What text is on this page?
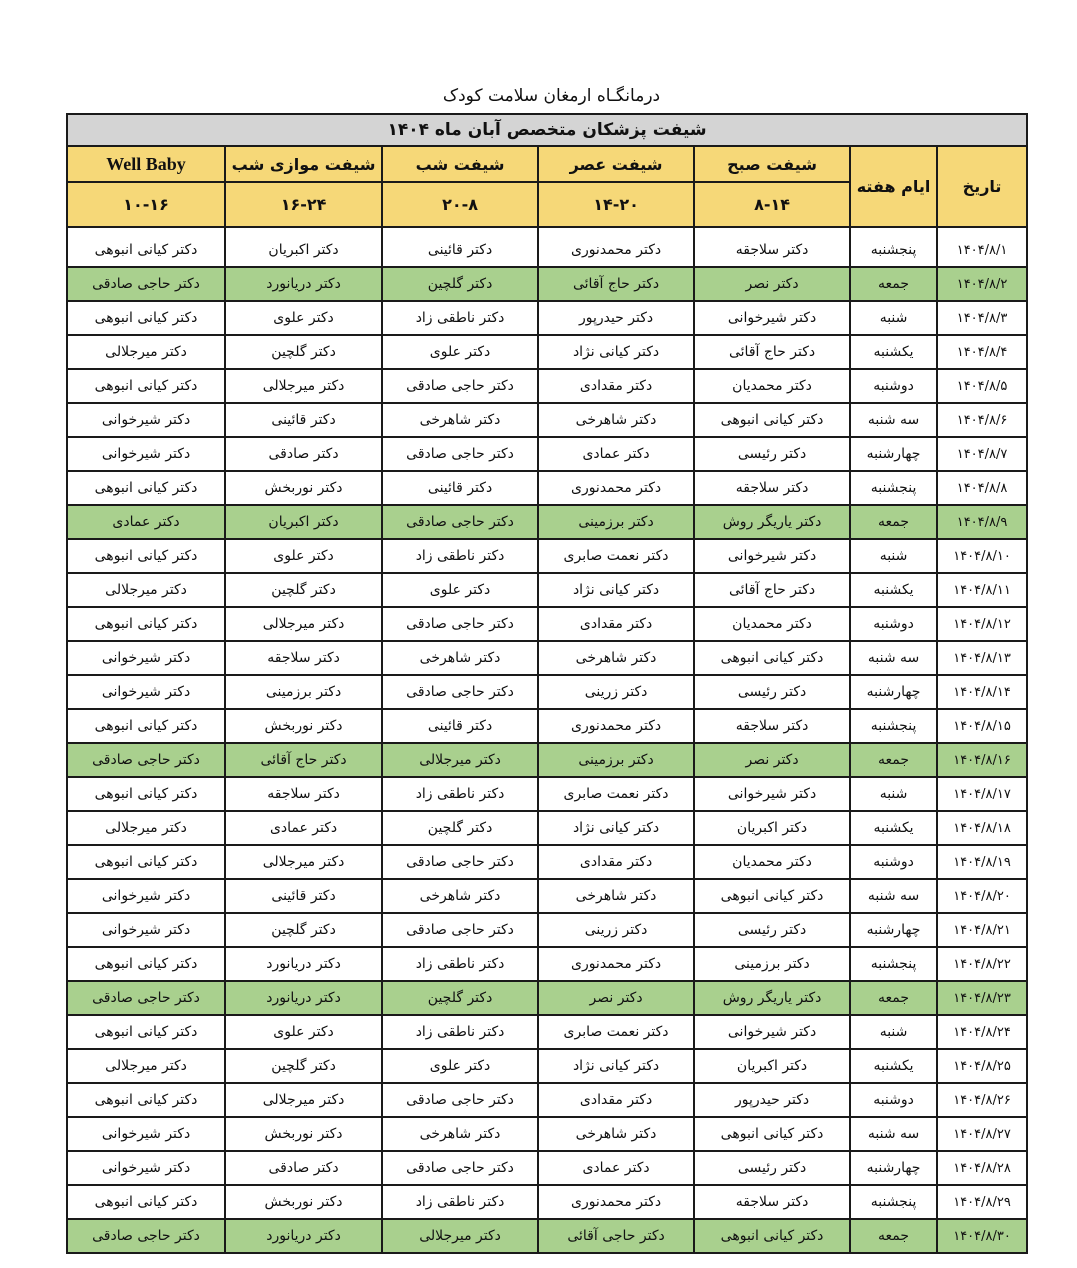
درمانگـاه ارمغان سلامت کودک
شیفت پزشکان متخصص آبان ماه ۱۴۰۴						
تاریخ	ایام هفته	شیفت صبح	شیفت عصر	شیفت شب	شیفت موازی شب	Well Baby
		۸-۱۴	۱۴-۲۰	۲۰-۸	۱۶-۲۴	۱۰-۱۶
۱۴۰۴/۸/۱	پنجشنبه	دکتر سلاجقه	دکتر محمدنوری	دکتر قائینی	دکتر اکبریان	دکتر کیانی انبوهی
۱۴۰۴/۸/۲	جمعه	دکتر نصر	دکتر حاج آقائی	دکتر گلچین	دکتر دریانورد	دکتر حاجی صادقی
۱۴۰۴/۸/۳	شنبه	دکتر شیرخوانی	دکتر حیدرپور	دکتر ناطقی زاد	دکتر علوی	دکتر کیانی انبوهی
۱۴۰۴/۸/۴	یکشنبه	دکتر حاج آقائی	دکتر کیانی نژاد	دکتر علوی	دکتر گلچین	دکتر میرجلالی
۱۴۰۴/۸/۵	دوشنبه	دکتر محمدیان	دکتر مقدادی	دکتر حاجی صادقی	دکتر میرجلالی	دکتر کیانی انبوهی
۱۴۰۴/۸/۶	سه شنبه	دکتر کیانی انبوهی	دکتر شاهرخی	دکتر شاهرخی	دکتر قائینی	دکتر شیرخوانی
۱۴۰۴/۸/۷	چهارشنبه	دکتر رئیسی	دکتر عمادی	دکتر حاجی صادقی	دکتر صادقی	دکتر شیرخوانی
۱۴۰۴/۸/۸	پنجشنبه	دکتر سلاجقه	دکتر محمدنوری	دکتر قائینی	دکتر نوربخش	دکتر کیانی انبوهی
۱۴۰۴/۸/۹	جمعه	دکتر یاریگر روش	دکتر برزمینی	دکتر حاجی صادقی	دکتر اکبریان	دکتر عمادی
۱۴۰۴/۸/۱۰	شنبه	دکتر شیرخوانی	دکتر نعمت صابری	دکتر ناطقی زاد	دکتر علوی	دکتر کیانی انبوهی
۱۴۰۴/۸/۱۱	یکشنبه	دکتر حاج آقائی	دکتر کیانی نژاد	دکتر علوی	دکتر گلچین	دکتر میرجلالی
۱۴۰۴/۸/۱۲	دوشنبه	دکتر محمدیان	دکتر مقدادی	دکتر حاجی صادقی	دکتر میرجلالی	دکتر کیانی انبوهی
۱۴۰۴/۸/۱۳	سه شنبه	دکتر کیانی انبوهی	دکتر شاهرخی	دکتر شاهرخی	دکتر سلاجقه	دکتر شیرخوانی
۱۴۰۴/۸/۱۴	چهارشنبه	دکتر رئیسی	دکتر زرینی	دکتر حاجی صادقی	دکتر برزمینی	دکتر شیرخوانی
۱۴۰۴/۸/۱۵	پنجشنبه	دکتر سلاجقه	دکتر محمدنوری	دکتر قائینی	دکتر نوربخش	دکتر کیانی انبوهی
۱۴۰۴/۸/۱۶	جمعه	دکتر نصر	دکتر برزمینی	دکتر میرجلالی	دکتر حاج آقائی	دکتر حاجی صادقی
۱۴۰۴/۸/۱۷	شنبه	دکتر شیرخوانی	دکتر نعمت صابری	دکتر ناطقی زاد	دکتر سلاجقه	دکتر کیانی انبوهی
۱۴۰۴/۸/۱۸	یکشنبه	دکتر اکبریان	دکتر کیانی نژاد	دکتر گلچین	دکتر عمادی	دکتر میرجلالی
۱۴۰۴/۸/۱۹	دوشنبه	دکتر محمدیان	دکتر مقدادی	دکتر حاجی صادقی	دکتر میرجلالی	دکتر کیانی انبوهی
۱۴۰۴/۸/۲۰	سه شنبه	دکتر کیانی انبوهی	دکتر شاهرخی	دکتر شاهرخی	دکتر قائینی	دکتر شیرخوانی
۱۴۰۴/۸/۲۱	چهارشنبه	دکتر رئیسی	دکتر زرینی	دکتر حاجی صادقی	دکتر گلچین	دکتر شیرخوانی
۱۴۰۴/۸/۲۲	پنجشنبه	دکتر برزمینی	دکتر محمدنوری	دکتر ناطقی زاد	دکتر دریانورد	دکتر کیانی انبوهی
۱۴۰۴/۸/۲۳	جمعه	دکتر یاریگر روش	دکتر نصر	دکتر گلچین	دکتر دریانورد	دکتر حاجی صادقی
۱۴۰۴/۸/۲۴	شنبه	دکتر شیرخوانی	دکتر نعمت صابری	دکتر ناطقی زاد	دکتر علوی	دکتر کیانی انبوهی
۱۴۰۴/۸/۲۵	یکشنبه	دکتر اکبریان	دکتر کیانی نژاد	دکتر علوی	دکتر گلچین	دکتر میرجلالی
۱۴۰۴/۸/۲۶	دوشنبه	دکتر حیدرپور	دکتر مقدادی	دکتر حاجی صادقی	دکتر میرجلالی	دکتر کیانی انبوهی
۱۴۰۴/۸/۲۷	سه شنبه	دکتر کیانی انبوهی	دکتر شاهرخی	دکتر شاهرخی	دکتر نوربخش	دکتر شیرخوانی
۱۴۰۴/۸/۲۸	چهارشنبه	دکتر رئیسی	دکتر عمادی	دکتر حاجی صادقی	دکتر صادقی	دکتر شیرخوانی
۱۴۰۴/۸/۲۹	پنجشنبه	دکتر سلاجقه	دکتر محمدنوری	دکتر ناطقی زاد	دکتر نوربخش	دکتر کیانی انبوهی
۱۴۰۴/۸/۳۰	جمعه	دکتر کیانی انبوهی	دکتر حاجی آقائی	دکتر میرجلالی	دکتر دریانورد	دکتر حاجی صادقی
